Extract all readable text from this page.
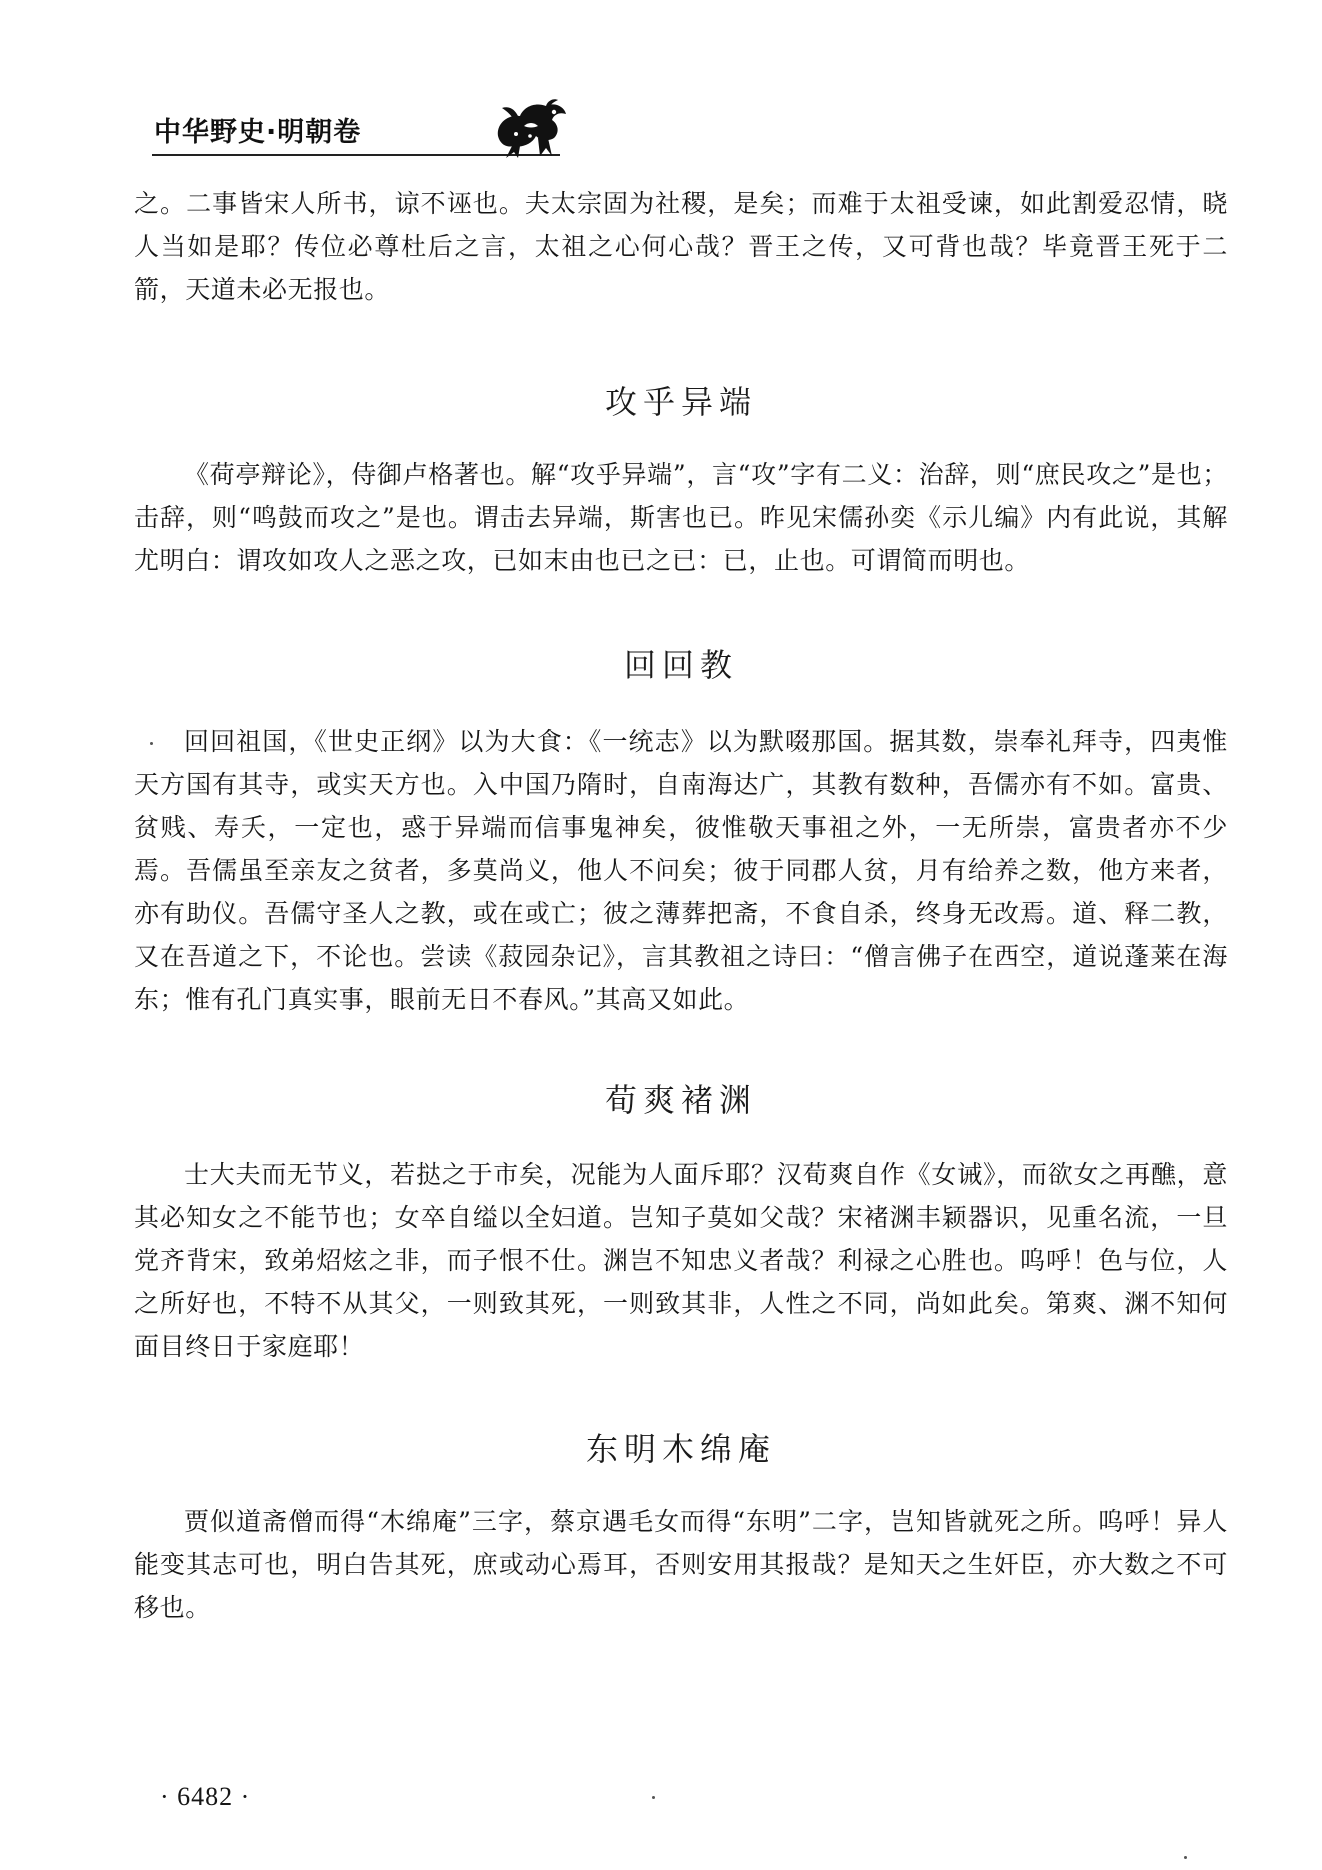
中华野史·明朝卷

之。二事皆宋人所书，谅不诬也。夫太宗固为社稷，是矣；而难于太祖受谏，如此割爱忍情，晓人当如是耶？传位必尊杜后之言，太祖之心何心哉？晋王之传，又可背也哉？毕竟晋王死于二箭，天道未必无报也。

攻乎异端

《荷亭辩论》，侍御卢格著也。解“攻乎异端”，言“攻”字有二义：治辞，则“庶民攻之”是也；击辞，则“鸣鼓而攻之”是也。谓击去异端，斯害也已。昨见宋儒孙奕《示儿编》内有此说，其解尤明白：谓攻如攻人之恶之攻，已如末由也已之已：已，止也。可谓简而明也。

回回教

回回祖国，《世史正纲》以为大食：《一统志》以为默啜那国。据其数，崇奉礼拜寺，四夷惟天方国有其寺，或实天方也。入中国乃隋时，自南海达广，其教有数种，吾儒亦有不如。富贵、贫贱、寿夭，一定也，惑于异端而信事鬼神矣，彼惟敬天事祖之外，一无所崇，富贵者亦不少焉。吾儒虽至亲友之贫者，多莫尚义，他人不问矣；彼于同郡人贫，月有给养之数，他方来者，亦有助仪。吾儒守圣人之教，或在或亡；彼之薄葬把斋，不食自杀，终身无改焉。道、释二教，又在吾道之下，不论也。尝读《菽园杂记》，言其教祖之诗曰：“僧言佛子在西空，道说蓬莱在海东；惟有孔门真实事，眼前无日不春风。”其高又如此。

荀爽褚渊

士大夫而无节义，若挞之于市矣，况能为人面斥耶？汉荀爽自作《女诫》，而欲女之再醮，意其必知女之不能节也；女卒自缢以全妇道。岂知子莫如父哉？宋褚渊丰颖器识，见重名流，一旦党齐背宋，致弟炤炫之非，而子恨不仕。渊岂不知忠义者哉？利禄之心胜也。呜呼！色与位，人之所好也，不特不从其父，一则致其死，一则致其非，人性之不同，尚如此矣。第爽、渊不知何面目终日于家庭耶！

东明木绵庵

贾似道斋僧而得“木绵庵”三字，蔡京遇毛女而得“东明”二字，岂知皆就死之所。呜呼！异人能变其志可也，明白告其死，庶或动心焉耳，否则安用其报哉？是知天之生奸臣，亦大数之不可移也。

· 6482 ·
